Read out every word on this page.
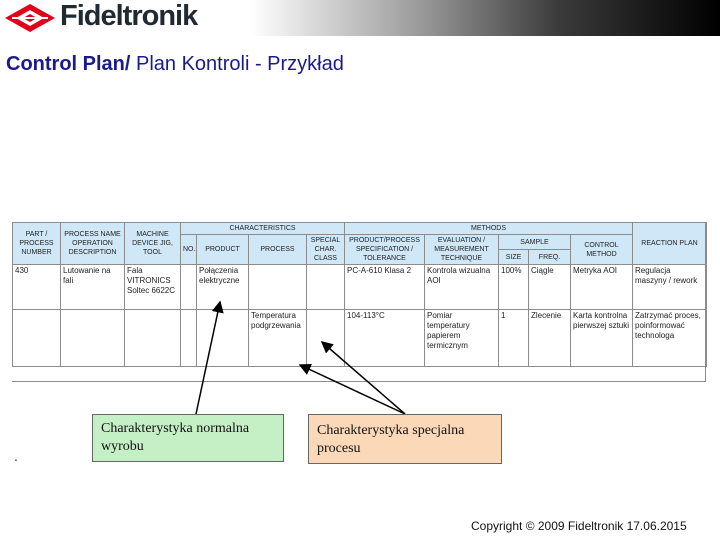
Fideltronik
Control Plan/ Plan Kontroli - Przykład
PART / PROCESS NUMBER	PROCESS NAME OPERATION DESCRIPTION	MACHINE DEVICE JIG, TOOL	CHARACTERISTICS				METHODS					REACTION PLAN
			NO.	PRODUCT	PROCESS	SPECIAL CHAR. CLASS	PRODUCT/PROCESS SPECIFICATION / TOLERANCE	EVALUATION / MEASUREMENT TECHNIQUE	SAMPLE		CONTROL METHOD	
									SIZE	FREQ.		
430	Lutowanie na fali	Fala VITRONICS Soltec 6622C		Połączenia elektryczne			PC-A-610 Klasa 2	Kontrola wizualna AOI	100%	Ciągle	Metryka AOI	Regulacja maszyny / rework
					Temperatura podgrzewania		104-113°C	Pomiar temperatury papierem termicznym	1	Zlecenie	Karta kontrolna pierwszej sztuki	Zatrzymać proces, poinformować technologa
Charakterystyka normalna wyrobu
Charakterystyka specjalna procesu
.
Copyright © 2009 Fideltronik 17.06.2015
